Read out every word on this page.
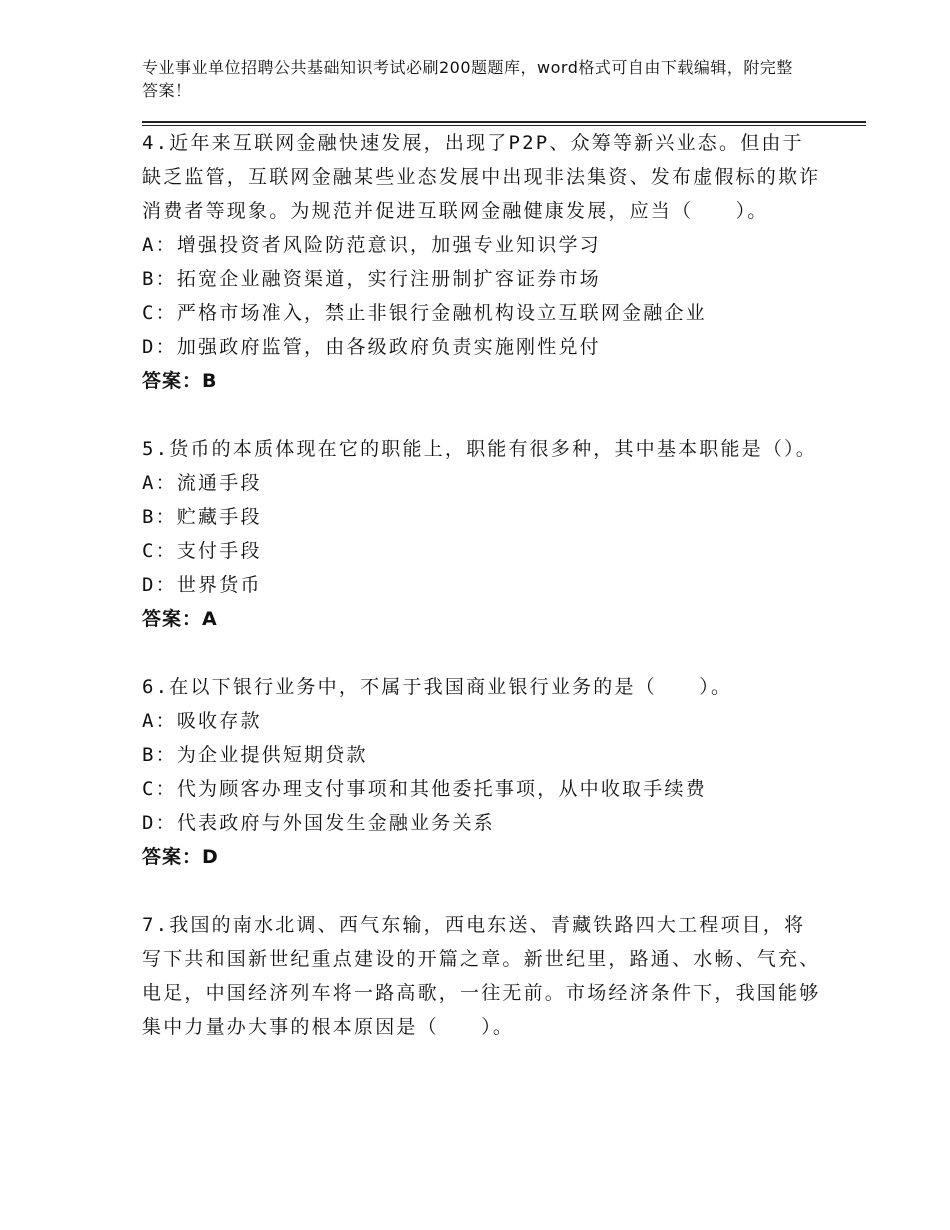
专业事业单位招聘公共基础知识考试必刷200题题库，word格式可自由下载编辑，附完整答案！
4.近年来互联网金融快速发展，出现了P2P、众筹等新兴业态。但由于缺乏监管，互联网金融某些业态发展中出现非法集资、发布虚假标的欺诈消费者等现象。为规范并促进互联网金融健康发展，应当（　　）。
A：增强投资者风险防范意识，加强专业知识学习
B：拓宽企业融资渠道，实行注册制扩容证券市场
C：严格市场准入，禁止非银行金融机构设立互联网金融企业
D：加强政府监管，由各级政府负责实施刚性兑付
答案：B
5.货币的本质体现在它的职能上，职能有很多种，其中基本职能是（）。
A：流通手段
B：贮藏手段
C：支付手段
D：世界货币
答案：A
6.在以下银行业务中，不属于我国商业银行业务的是（　　）。
A：吸收存款
B：为企业提供短期贷款
C：代为顾客办理支付事项和其他委托事项，从中收取手续费
D：代表政府与外国发生金融业务关系
答案：D
7.我国的南水北调、西气东输，西电东送、青藏铁路四大工程项目，将写下共和国新世纪重点建设的开篇之章。新世纪里，路通、水畅、气充、电足，中国经济列车将一路高歌，一往无前。市场经济条件下，我国能够集中力量办大事的根本原因是（　　）。
